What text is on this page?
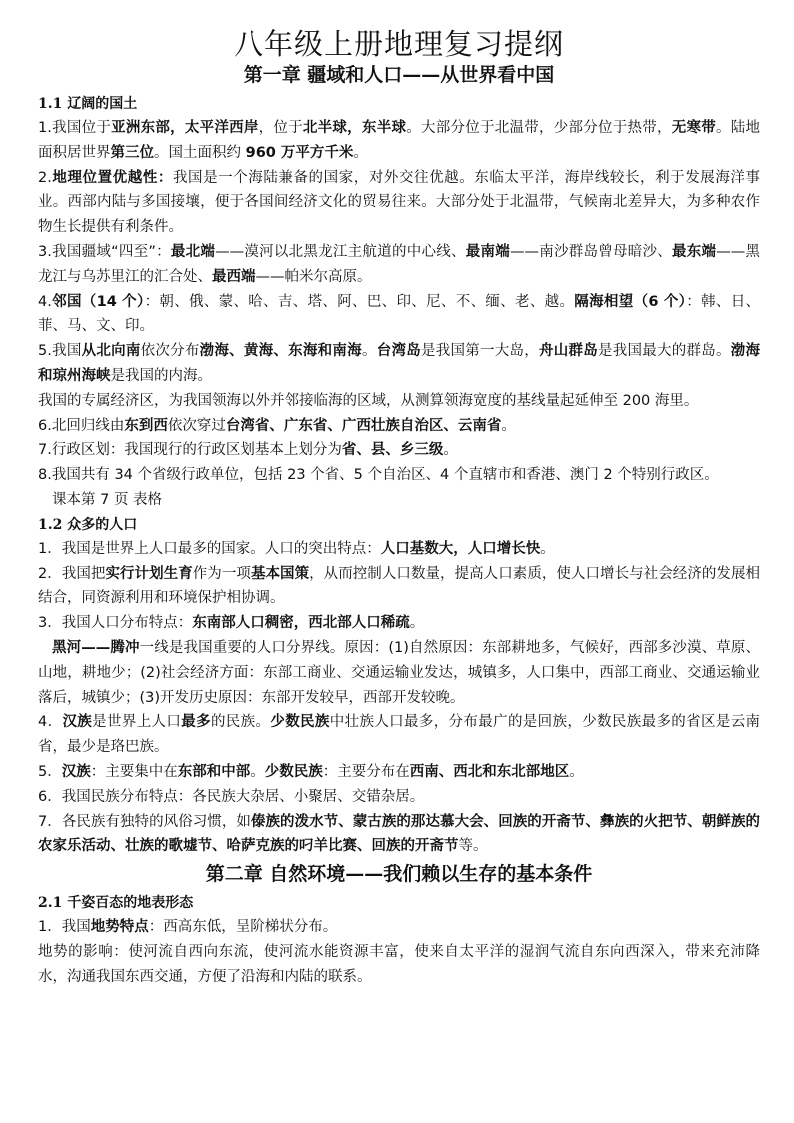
八年级上册地理复习提纲
第一章 疆域和人口——从世界看中国
1.1 辽阔的国土

1.我国位于亚洲东部，太平洋西岸，位于北半球，东半球。大部分位于北温带，少部分位于热带，无寒带。陆地面积居世界第三位。国土面积约 960 万平方千米。

2.地理位置优越性：我国是一个海陆兼备的国家，对外交往优越。东临太平洋，海岸线较长，利于发展海洋事业。西部内陆与多国接壤，便于各国间经济文化的贸易往来。大部分处于北温带，气候南北差异大，为多种农作物生长提供有利条件。

3.我国疆域“四至”：最北端——漠河以北黑龙江主航道的中心线、最南端——南沙群岛曾母暗沙、最东端——黑龙江与乌苏里江的汇合处、最西端——帕米尔高原。

4.邻国（14 个）：朝、俄、蒙、哈、吉、塔、阿、巴、印、尼、不、缅、老、越。隔海相望（6 个）：韩、日、菲、马、文、印。

5.我国从北向南依次分布渤海、黄海、东海和南海。台湾岛是我国第一大岛，舟山群岛是我国最大的群岛。渤海和琼州海峡是我国的内海。

我国的专属经济区，为我国领海以外并邻接临海的区域，从测算领海宽度的基线量起延伸至 200 海里。

6.北回归线由东到西依次穿过台湾省、广东省、广西壮族自治区、云南省。

7.行政区划：我国现行的行政区划基本上划分为省、县、乡三级。

8.我国共有 34 个省级行政单位，包括 23 个省、5 个自治区、4 个直辖市和香港、澳门 2 个特别行政区。

课本第 7 页 表格

1.2 众多的人口

1．我国是世界上人口最多的国家。人口的突出特点：人口基数大，人口增长快。

2．我国把实行计划生育作为一项基本国策，从而控制人口数量，提高人口素质，使人口增长与社会经济的发展相结合，同资源利用和环境保护相协调。

3．我国人口分布特点：东南部人口稠密，西北部人口稀疏。

黑河——腾冲一线是我国重要的人口分界线。原因：(1)自然原因：东部耕地多，气候好，西部多沙漠、草原、山地，耕地少；(2)社会经济方面：东部工商业、交通运输业发达，城镇多，人口集中，西部工商业、交通运输业落后，城镇少；(3)开发历史原因：东部开发较早，西部开发较晚。

4．汉族是世界上人口最多的民族。少数民族中壮族人口最多，分布最广的是回族，少数民族最多的省区是云南省，最少是珞巴族。

5．汉族：主要集中在东部和中部。少数民族：主要分布在西南、西北和东北部地区。

6．我国民族分布特点：各民族大杂居、小聚居、交错杂居。

7．各民族有独特的风俗习惯，如傣族的泼水节、蒙古族的那达慕大会、回族的开斋节、彝族的火把节、朝鲜族的农家乐活动、壮族的歌墟节、哈萨克族的叼羊比赛、回族的开斋节等。

第二章 自然环境——我们赖以生存的基本条件
2.1 千姿百态的地表形态

1．我国地势特点：西高东低，呈阶梯状分布。

地势的影响：使河流自西向东流，使河流水能资源丰富，使来自太平洋的湿润气流自东向西深入，带来充沛降水，沟通我国东西交通，方便了沿海和内陆的联系。
